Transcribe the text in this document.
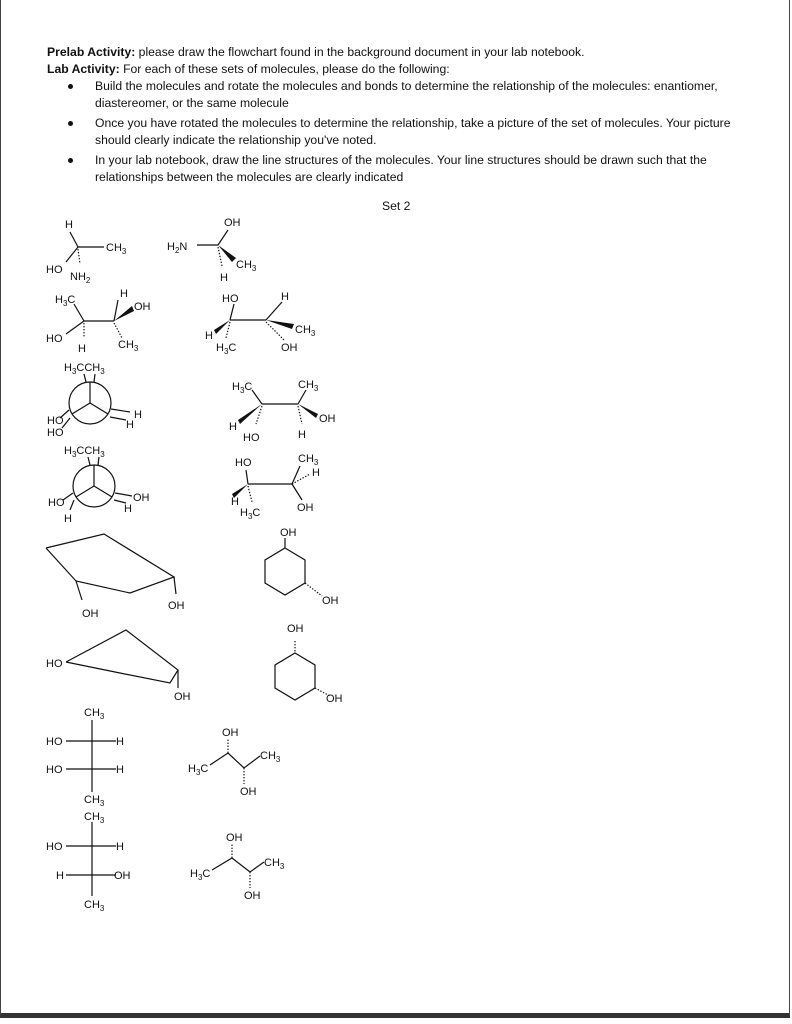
Prelab Activity: please draw the flowchart found in the background document in your lab notebook.

Lab Activity: For each of these sets of molecules, please do the following:

Build the molecules and rotate the molecules and bonds to determine the relationship of the molecules: enantiomer, diastereomer, or the same molecule
Once you have rotated the molecules to determine the relationship, take a picture of the set of molecules. Your picture should clearly indicate the relationship you've noted.
In your lab notebook, draw the line structures of the molecules. Your line structures should be drawn such that the relationships between the molecules are clearly indicated
Set 2
H
$CH_3$
HO
$NH_2$
$H_2N$
OH
$CH_3$
H
$H_3C$	H
OH
HO	$CH_3$
H
HO	H
$CH_3$
H
$H_3C$	OH
$H_3CCH_3$
HO
HO
H
H
$H_3C$	$CH_3$
OH
H
HO	H
$H_3CCH_3$
HO
H
OH
H
HO	$CH_3$
H
H
$H_3C$	OH
OH
OH
OH
OH
HO
OH
OH
OH
$CH_3$
HO	H
HO	H
$CH_3$
OH
$CH_3$
$H_3C$
OH
$CH_3$
HO	H
H	OH
$CH_3$
OH
$CH_3$
$H_3C$
OH
